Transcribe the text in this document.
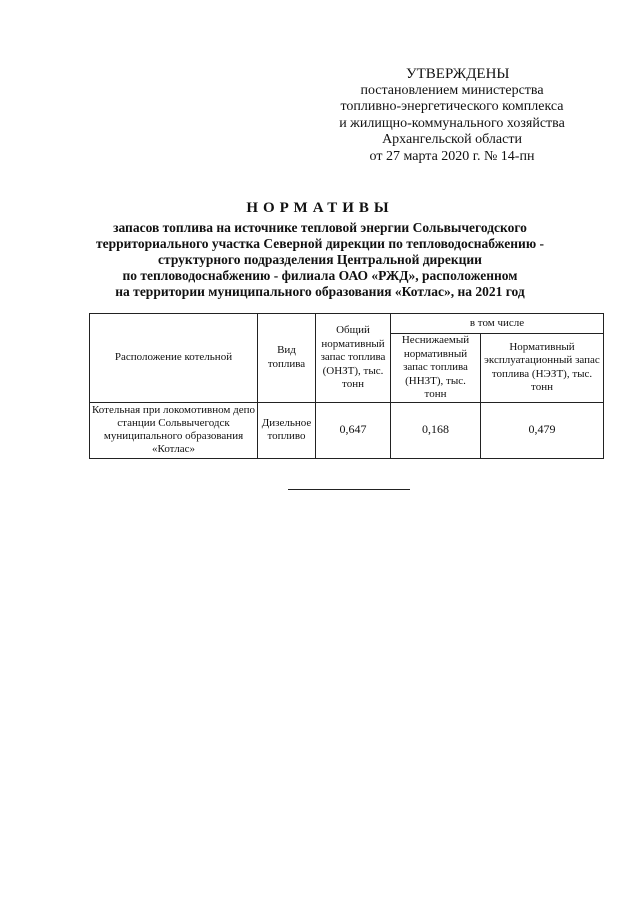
УТВЕРЖДЕНЫ
постановлением министерства
топливно-энергетического комплекса
и жилищно-коммунального хозяйства
Архангельской области
от 27 марта 2020 г. № 14-пн
НОРМАТИВЫ
запасов топлива на источнике тепловой энергии Сольвычегодского
территориального участка Северной дирекции по тепловодоснабжению -
структурного подразделения Центральной дирекции
по тепловодоснабжению - филиала ОАО «РЖД», расположенном
на территории муниципального образования «Котлас», на 2021 год
Расположение котельной	Вид топлива	Общий нормативный запас топлива (ОНЗТ), тыс. тонн	в том числе	
			Неснижаемый нормативный запас топлива (ННЗТ), тыс. тонн	Нормативный эксплуатационный запас топлива (НЭЗТ), тыс. тонн
Котельная при локомотивном депо станции Сольвычегодск муниципального образования «Котлас»	Дизельное топливо	0,647	0,168	0,479
